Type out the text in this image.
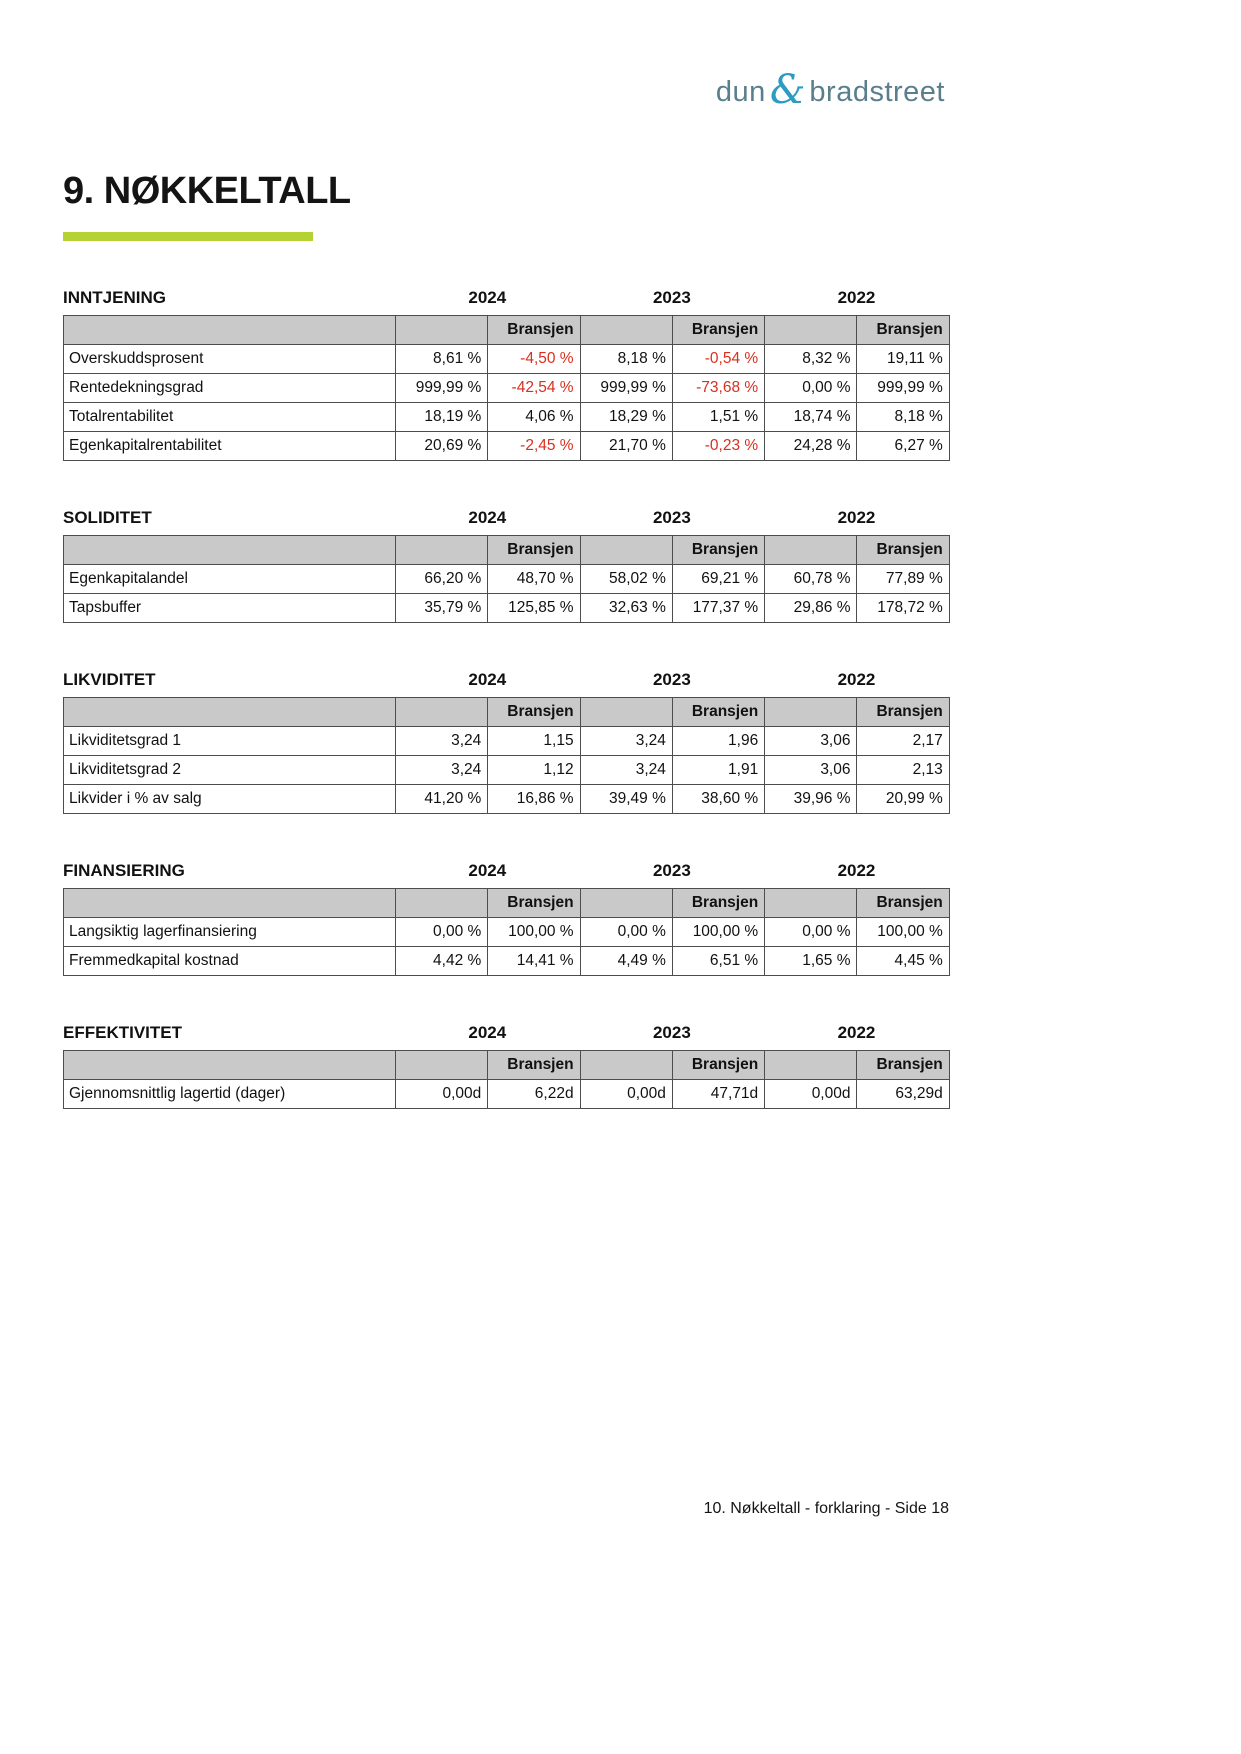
dun & bradstreet
9. NØKKELTALL
INNTJENING	2024	2023	2022
		Bransjen		Bransjen		Bransjen
Overskuddsprosent	8,61 %	-4,50 %	8,18 %	-0,54 %	8,32 %	19,11 %
Rentedekningsgrad	999,99 %	-42,54 %	999,99 %	-73,68 %	0,00 %	999,99 %
Totalrentabilitet	18,19 %	4,06 %	18,29 %	1,51 %	18,74 %	8,18 %
Egenkapitalrentabilitet	20,69 %	-2,45 %	21,70 %	-0,23 %	24,28 %	6,27 %
SOLIDITET	2024	2023	2022
		Bransjen		Bransjen		Bransjen
Egenkapitalandel	66,20 %	48,70 %	58,02 %	69,21 %	60,78 %	77,89 %
Tapsbuffer	35,79 %	125,85 %	32,63 %	177,37 %	29,86 %	178,72 %
LIKVIDITET	2024	2023	2022
		Bransjen		Bransjen		Bransjen
Likviditetsgrad 1	3,24	1,15	3,24	1,96	3,06	2,17
Likviditetsgrad 2	3,24	1,12	3,24	1,91	3,06	2,13
Likvider i % av salg	41,20 %	16,86 %	39,49 %	38,60 %	39,96 %	20,99 %
FINANSIERING	2024	2023	2022
		Bransjen		Bransjen		Bransjen
Langsiktig lagerfinansiering	0,00 %	100,00 %	0,00 %	100,00 %	0,00 %	100,00 %
Fremmedkapital kostnad	4,42 %	14,41 %	4,49 %	6,51 %	1,65 %	4,45 %
EFFEKTIVITET	2024	2023	2022
		Bransjen		Bransjen		Bransjen
Gjennomsnittlig lagertid (dager)	0,00d	6,22d	0,00d	47,71d	0,00d	63,29d
10. Nøkkeltall - forklaring - Side 18
